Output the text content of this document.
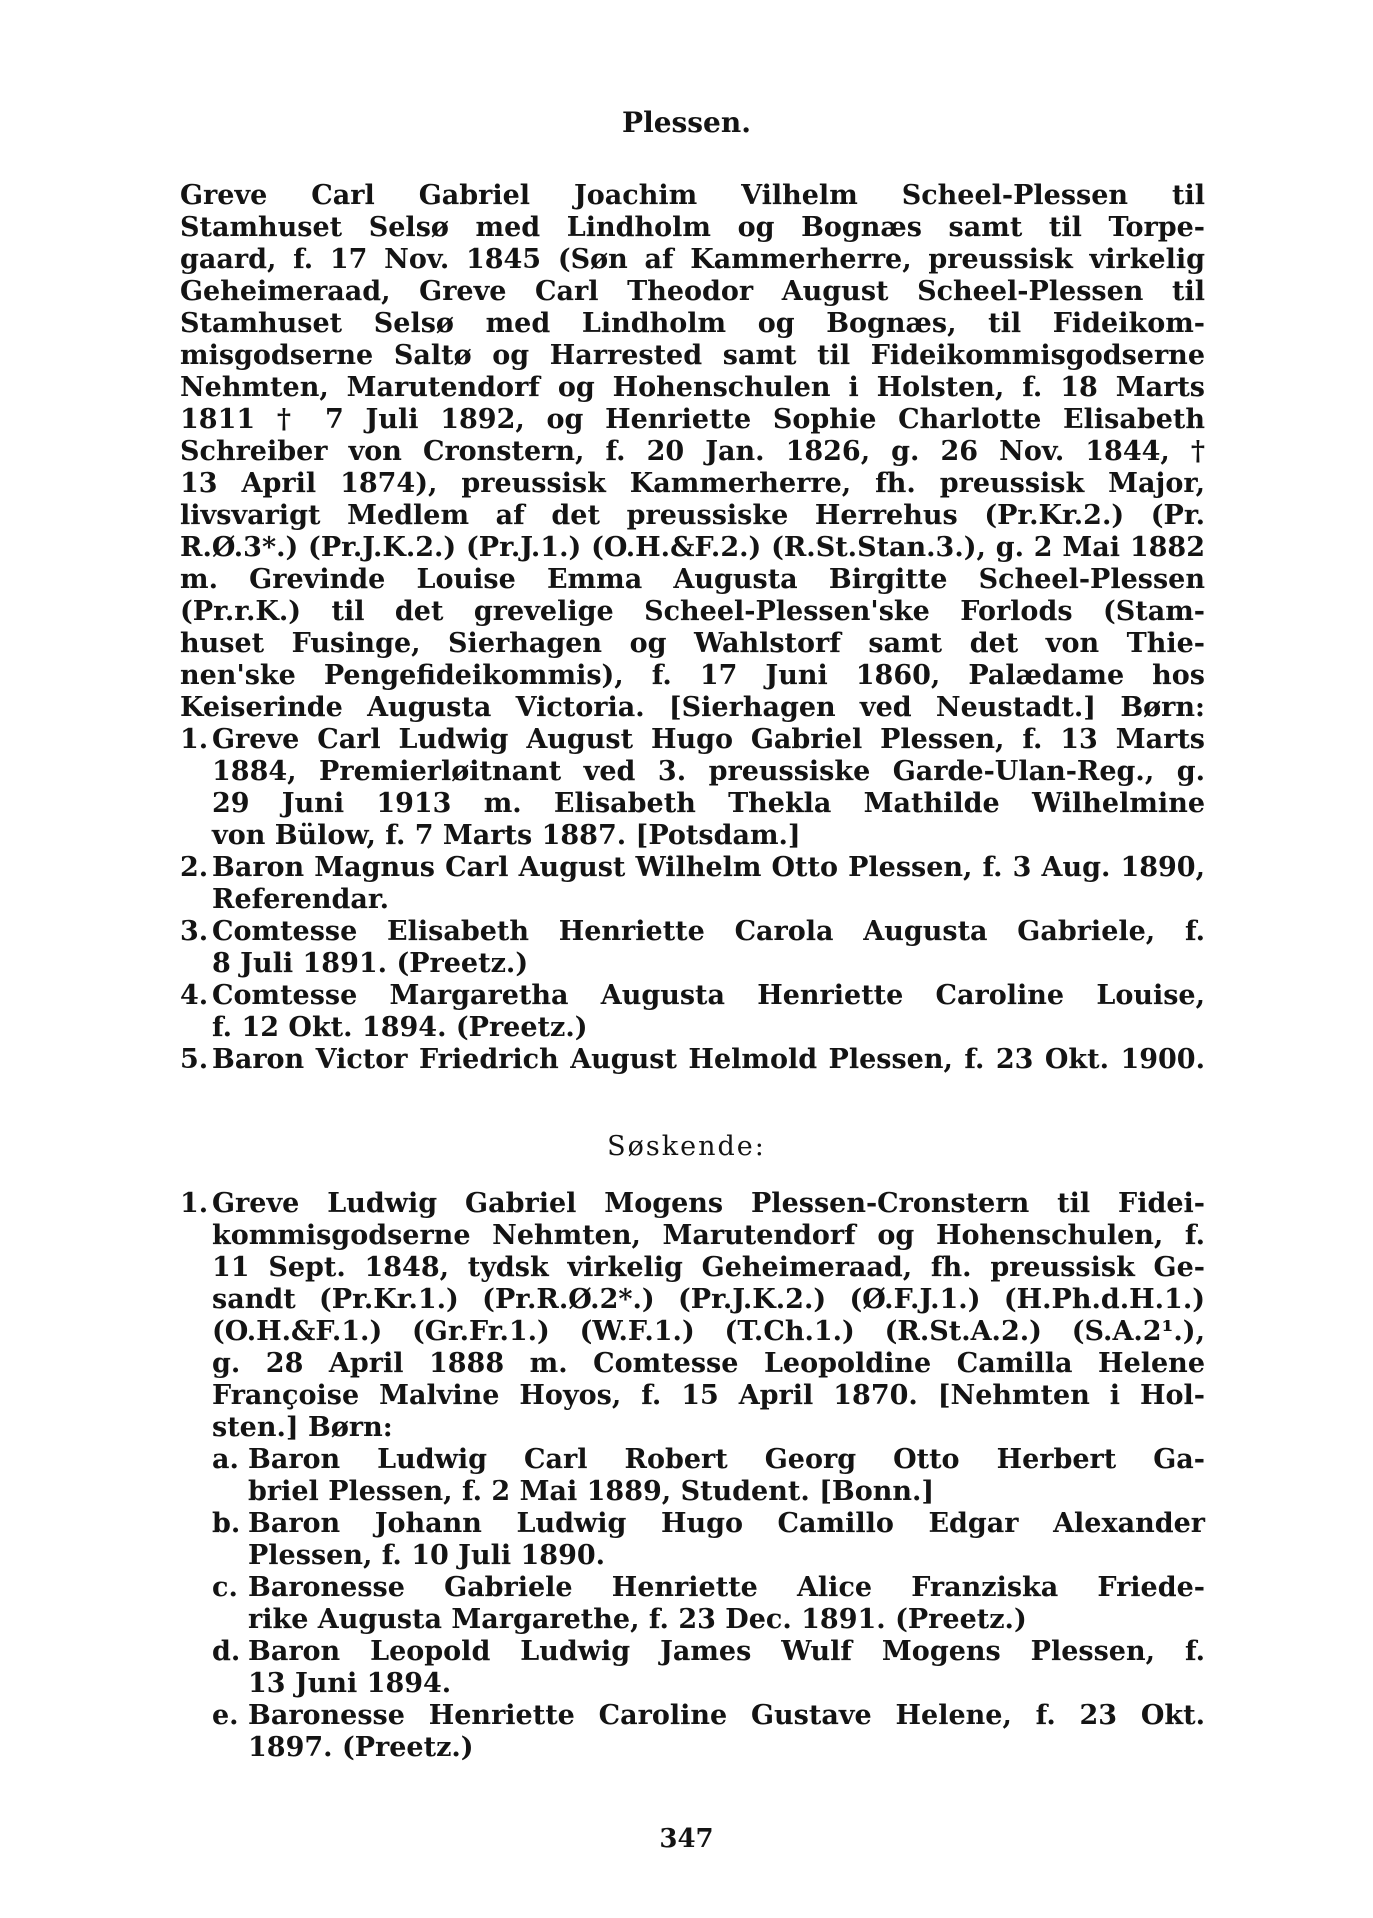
Plessen.
Greve Carl Gabriel Joachim Vilhelm Scheel-Plessen til
Stamhuset Selsø med Lindholm og Bognæs samt til Torpe-
gaard, f. 17 Nov. 1845 (Søn af Kammerherre, preussisk virkelig
Geheimeraad, Greve Carl Theodor August Scheel-Plessen til
Stamhuset Selsø med Lindholm og Bognæs, til Fideikom-
misgodserne Saltø og Harrested samt til Fideikommisgodserne
Nehmten, Marutendorf og Hohenschulen i Holsten, f. 18 Marts
1811 † 7 Juli 1892, og Henriette Sophie Charlotte Elisabeth
Schreiber von Cronstern, f. 20 Jan. 1826, g. 26 Nov. 1844, †
13 April 1874), preussisk Kammerherre, fh. preussisk Major,
livsvarigt Medlem af det preussiske Herrehus (Pr.Kr.2.) (Pr.
R.Ø.3*.) (Pr.J.K.2.) (Pr.J.1.) (O.H.&F.2.) (R.St.Stan.3.), g. 2 Mai 1882
m. Grevinde Louise Emma Augusta Birgitte Scheel-Plessen
(Pr.r.K.) til det grevelige Scheel-Plessen'ske Forlods (Stam-
huset Fusinge, Sierhagen og Wahlstorf samt det von Thie-
nen'ske Pengefideikommis), f. 17 Juni 1860, Palædame hos
Keiserinde Augusta Victoria. [Sierhagen ved Neustadt.] Børn:
1. Greve Carl Ludwig August Hugo Gabriel Plessen, f. 13 Marts
1884, Premierløitnant ved 3. preussiske Garde-Ulan-Reg., g.
29 Juni 1913 m. Elisabeth Thekla Mathilde Wilhelmine
von Bülow, f. 7 Marts 1887. [Potsdam.]
2. Baron Magnus Carl August Wilhelm Otto Plessen, f. 3 Aug. 1890,
Referendar.
3. Comtesse Elisabeth Henriette Carola Augusta Gabriele, f.
8 Juli 1891. (Preetz.)
4. Comtesse Margaretha Augusta Henriette Caroline Louise,
f. 12 Okt. 1894. (Preetz.)
5. Baron Victor Friedrich August Helmold Plessen, f. 23 Okt. 1900.
Søskende:
1. Greve Ludwig Gabriel Mogens Plessen-Cronstern til Fidei-
kommisgodserne Nehmten, Marutendorf og Hohenschulen, f.
11 Sept. 1848, tydsk virkelig Geheimeraad, fh. preussisk Ge-
sandt (Pr.Kr.1.) (Pr.R.Ø.2*.) (Pr.J.K.2.) (Ø.F.J.1.) (H.Ph.d.H.1.)
(O.H.&F.1.) (Gr.Fr.1.) (W.F.1.) (T.Ch.1.) (R.St.A.2.) (S.A.2¹.),
g. 28 April 1888 m. Comtesse Leopoldine Camilla Helene
Françoise Malvine Hoyos, f. 15 April 1870. [Nehmten i Hol-
sten.] Børn:
a. Baron Ludwig Carl Robert Georg Otto Herbert Ga-
briel Plessen, f. 2 Mai 1889, Student. [Bonn.]
b. Baron Johann Ludwig Hugo Camillo Edgar Alexander
Plessen, f. 10 Juli 1890.
c. Baronesse Gabriele Henriette Alice Franziska Friede-
rike Augusta Margarethe, f. 23 Dec. 1891. (Preetz.)
d. Baron Leopold Ludwig James Wulf Mogens Plessen, f.
13 Juni 1894.
e. Baronesse Henriette Caroline Gustave Helene, f. 23 Okt.
1897. (Preetz.)
347
